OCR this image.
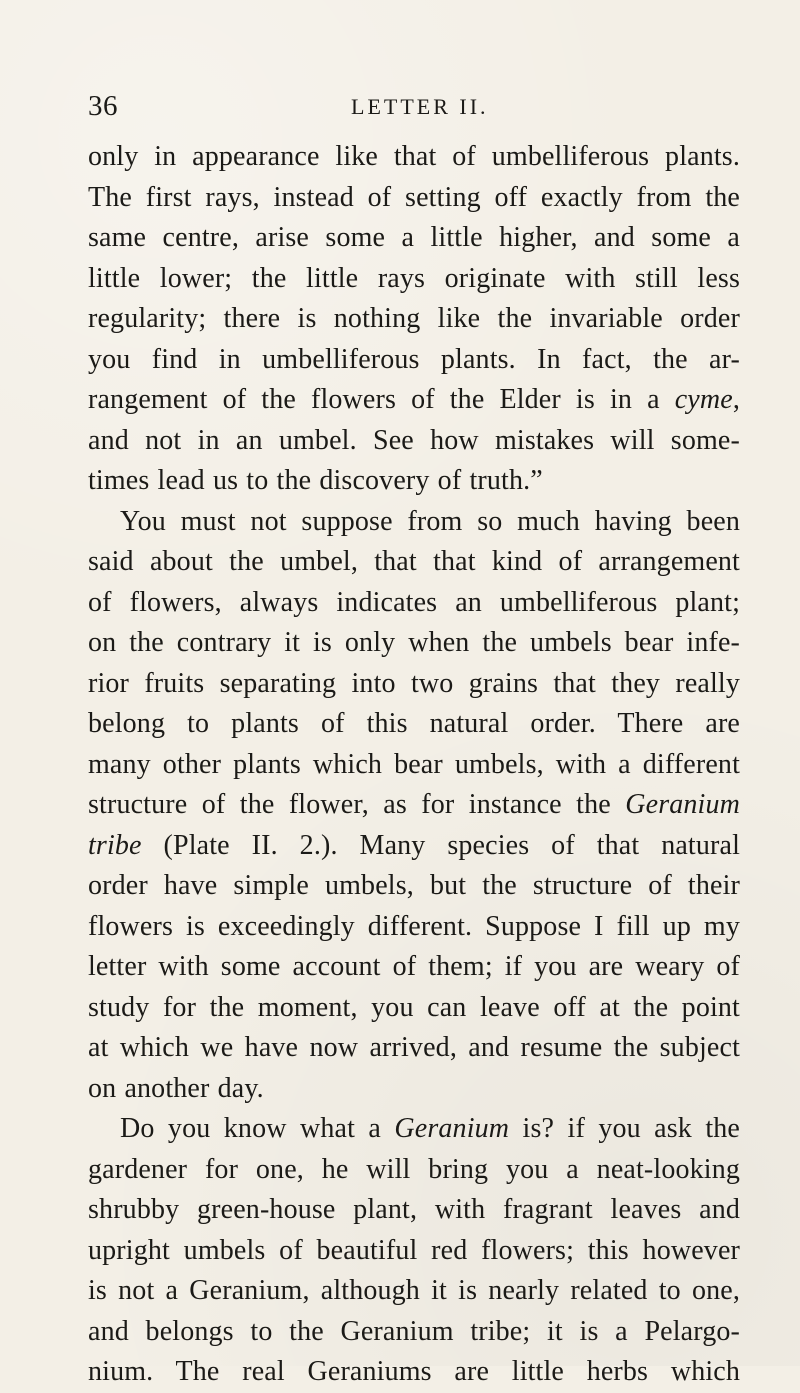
36	LETTER II.
only in appearance like that of umbelliferous plants.
The first rays, instead of setting off exactly from the
same centre, arise some a little higher, and some a
little lower; the little rays originate with still less
regularity; there is nothing like the invariable order
you find in umbelliferous plants. In fact, the ar-
rangement of the flowers of the Elder is in a cyme,
and not in an umbel. See how mistakes will some-
times lead us to the discovery of truth.”
You must not suppose from so much having been
said about the umbel, that that kind of arrangement
of flowers, always indicates an umbelliferous plant;
on the contrary it is only when the umbels bear infe-
rior fruits separating into two grains that they really
belong to plants of this natural order. There are
many other plants which bear umbels, with a different
structure of the flower, as for instance the Geranium
tribe (Plate II. 2.). Many species of that natural
order have simple umbels, but the structure of their
flowers is exceedingly different. Suppose I fill up my
letter with some account of them; if you are weary of
study for the moment, you can leave off at the point
at which we have now arrived, and resume the subject
on another day.
Do you know what a Geranium is? if you ask the
gardener for one, he will bring you a neat-looking
shrubby green-house plant, with fragrant leaves and
upright umbels of beautiful red flowers; this however
is not a Geranium, although it is nearly related to one,
and belongs to the Geranium tribe; it is a Pelargo-
nium. The real Geraniums are little herbs which
